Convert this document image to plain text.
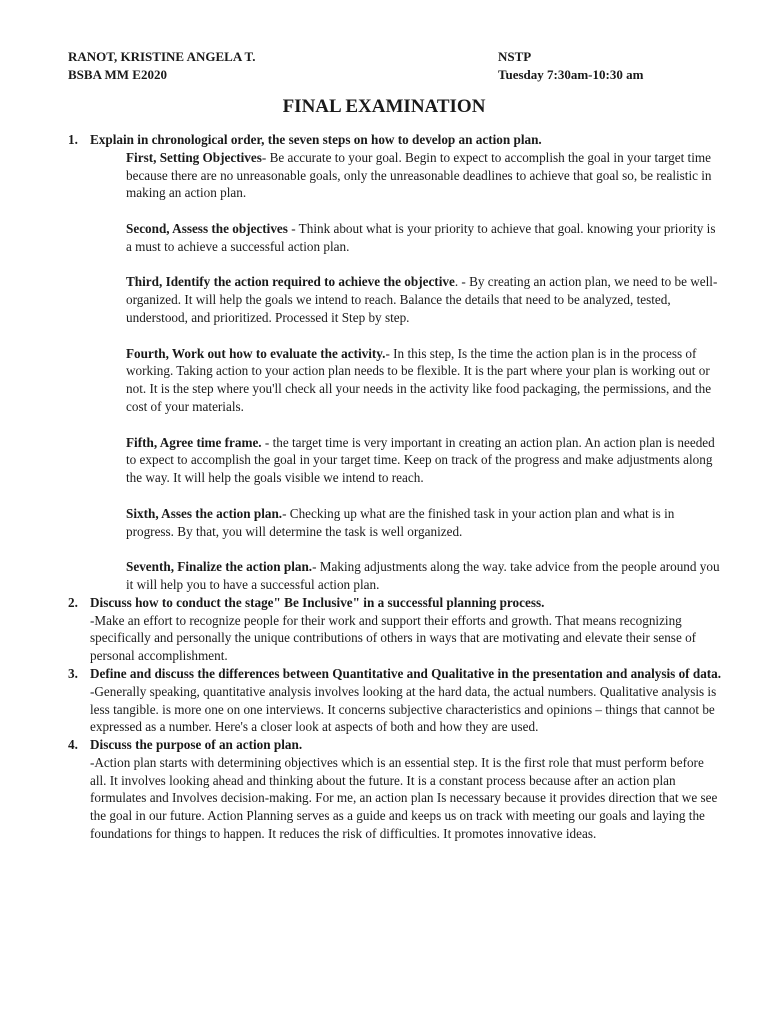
RANOT, KRISTINE ANGELA T.
BSBA MM E2020
NSTP
Tuesday 7:30am-10:30 am
FINAL EXAMINATION
1. Explain in chronological order, the seven steps on how to develop an action plan.
First, Setting Objectives- Be accurate to your goal. Begin to expect to accomplish the goal in your target time because there are no unreasonable goals, only the unreasonable deadlines to achieve that goal so, be realistic in making an action plan.
Second, Assess the objectives - Think about what is your priority to achieve that goal. knowing your priority is a must to achieve a successful action plan.
Third, Identify the action required to achieve the objective. - By creating an action plan, we need to be well-organized. It will help the goals we intend to reach. Balance the details that need to be analyzed, tested, understood, and prioritized. Processed it Step by step.
Fourth, Work out how to evaluate the activity.- In this step, Is the time the action plan is in the process of working. Taking action to your action plan needs to be flexible. It is the part where your plan is working out or not. It is the step where you'll check all your needs in the activity like food packaging, the permissions, and the cost of your materials.
Fifth, Agree time frame. - the target time is very important in creating an action plan. An action plan is needed to expect to accomplish the goal in your target time. Keep on track of the progress and make adjustments along the way. It will help the goals visible we intend to reach.
Sixth, Asses the action plan.- Checking up what are the finished task in your action plan and what is in progress. By that, you will determine the task is well organized.
Seventh, Finalize the action plan.- Making adjustments along the way. take advice from the people around you it will help you to have a successful action plan.
2. Discuss how to conduct the stage" Be Inclusive" in a successful planning process.
-Make an effort to recognize people for their work and support their efforts and growth. That means recognizing specifically and personally the unique contributions of others in ways that are motivating and elevate their sense of personal accomplishment.
3. Define and discuss the differences between Quantitative and Qualitative in the presentation and analysis of data.
-Generally speaking, quantitative analysis involves looking at the hard data, the actual numbers. Qualitative analysis is less tangible. is more one on one interviews. It concerns subjective characteristics and opinions – things that cannot be expressed as a number. Here's a closer look at aspects of both and how they are used.
4. Discuss the purpose of an action plan.
-Action plan starts with determining objectives which is an essential step. It is the first role that must perform before all. It involves looking ahead and thinking about the future. It is a constant process because after an action plan formulates and Involves decision-making. For me, an action plan Is necessary because it provides direction that we see the goal in our future. Action Planning serves as a guide and keeps us on track with meeting our goals and laying the foundations for things to happen. It reduces the risk of difficulties. It promotes innovative ideas.
